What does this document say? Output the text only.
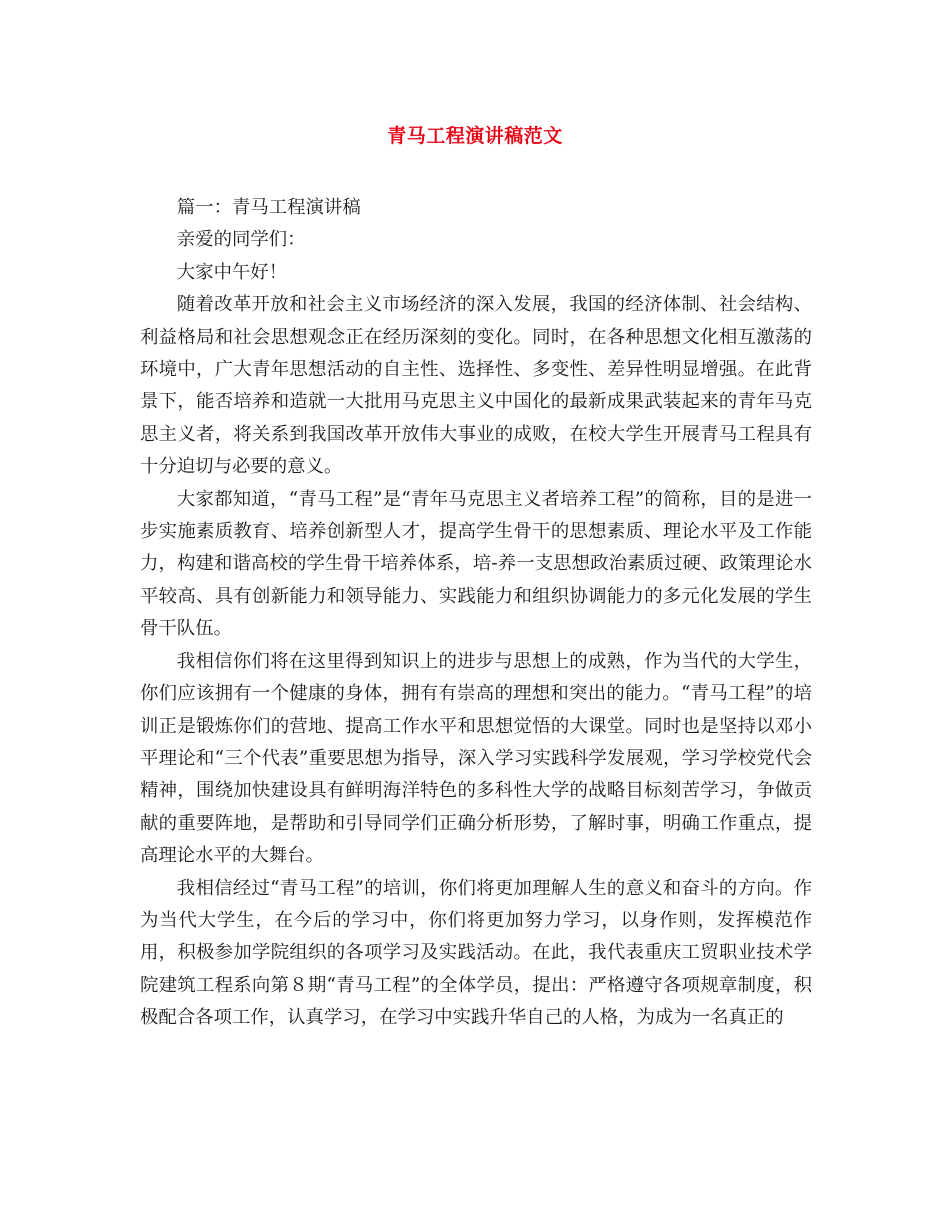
青马工程演讲稿范文

篇一：青马工程演讲稿

亲爱的同学们：

大家中午好！

随着改革开放和社会主义市场经济的深入发展，我国的经济体制、社会结构、利益格局和社会思想观念正在经历深刻的变化。同时，在各种思想文化相互激荡的环境中，广大青年思想活动的自主性、选择性、多变性、差异性明显增强。在此背景下，能否培养和造就一大批用马克思主义中国化的最新成果武装起来的青年马克思主义者，将关系到我国改革开放伟大事业的成败，在校大学生开展青马工程具有十分迫切与必要的意义。

大家都知道，“青马工程”是“青年马克思主义者培养工程”的简称，目的是进一步实施素质教育、培养创新型人才，提高学生骨干的思想素质、理论水平及工作能力，构建和谐高校的学生骨干培养体系，培-养一支思想政治素质过硬、政策理论水平较高、具有创新能力和领导能力、实践能力和组织协调能力的多元化发展的学生骨干队伍。

我相信你们将在这里得到知识上的进步与思想上的成熟，作为当代的大学生，你们应该拥有一个健康的身体，拥有有崇高的理想和突出的能力。“青马工程”的培训正是锻炼你们的营地、提高工作水平和思想觉悟的大课堂。同时也是坚持以邓小平理论和“三个代表”重要思想为指导，深入学习实践科学发展观，学习学校党代会精神，围绕加快建设具有鲜明海洋特色的多科性大学的战略目标刻苦学习，争做贡献的重要阵地，是帮助和引导同学们正确分析形势，了解时事，明确工作重点，提高理论水平的大舞台。

我相信经过“青马工程”的培训，你们将更加理解人生的意义和奋斗的方向。作为当代大学生，在今后的学习中，你们将更加努力学习，以身作则，发挥模范作用，积极参加学院组织的各项学习及实践活动。在此，我代表重庆工贸职业技术学院建筑工程系向第８期“青马工程”的全体学员，提出：严格遵守各项规章制度，积极配合各项工作，认真学习，在学习中实践升华自己的人格，为成为一名真正的
